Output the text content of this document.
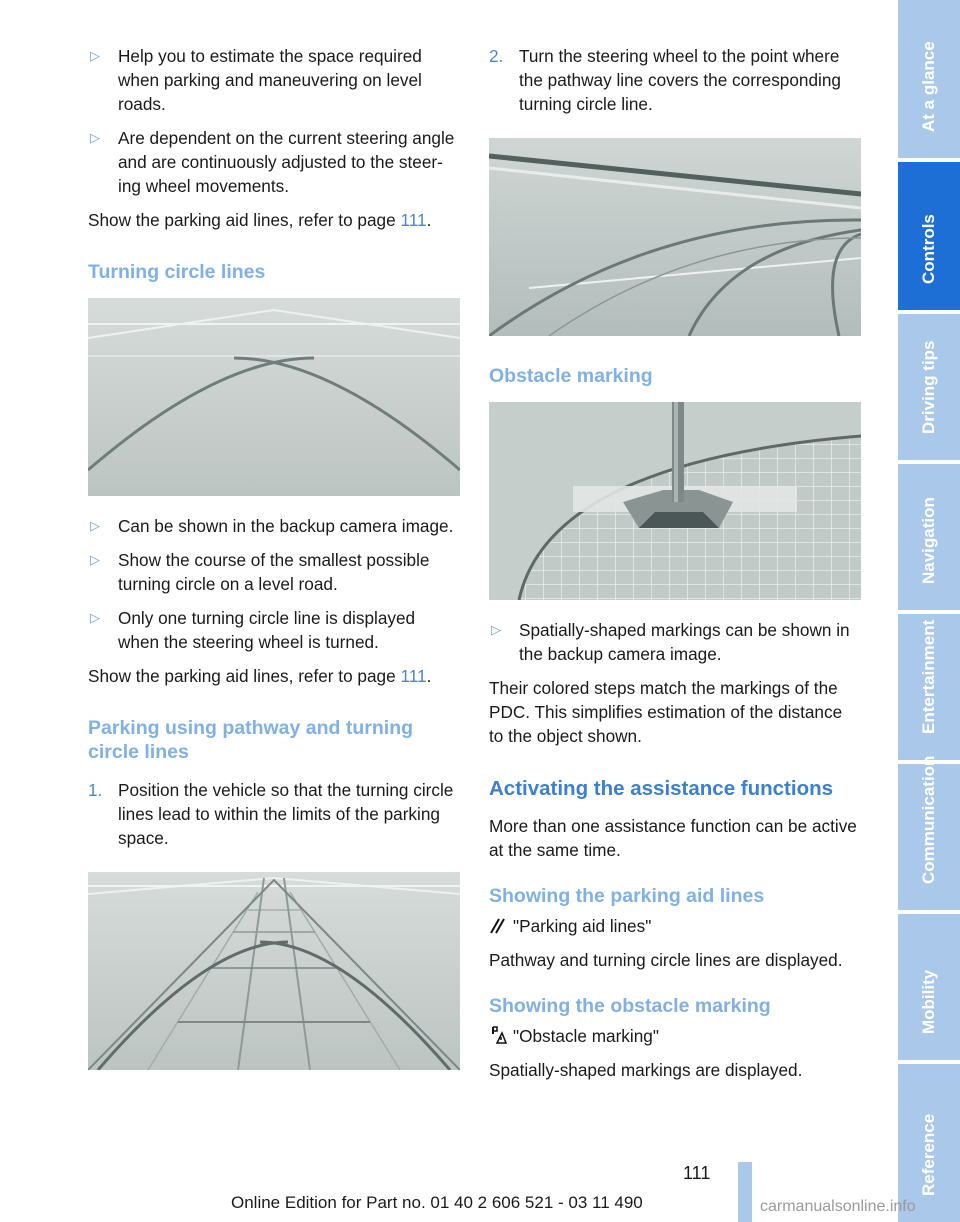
▷ Help you to estimate the space required when parking and maneuvering on level roads.
▷ Are dependent on the current steering angle and are continuously adjusted to the steer-ing wheel movements.

Show the parking aid lines, refer to page 111.

Turning circle lines
▷ Can be shown in the backup camera image.
▷ Show the course of the smallest possible turning circle on a level road.
▷ Only one turning circle line is displayed when the steering wheel is turned.

Show the parking aid lines, refer to page 111.

Parking using pathway and turning circle lines
1. Position the vehicle so that the turning circle lines lead to within the limits of the parking space.
2. Turn the steering wheel to the point where the pathway line covers the corresponding turning circle line.
Obstacle marking
▷ Spatially-shaped markings can be shown in the backup camera image.

Their colored steps match the markings of the PDC. This simplifies estimation of the distance to the object shown.

Activating the assistance functions

More than one assistance function can be active at the same time.

Showing the parking aid lines
"Parking aid lines"

Pathway and turning circle lines are displayed.

Showing the obstacle marking
"Obstacle marking"

Spatially-shaped markings are displayed.

At a glance
Controls
Driving tips
Navigation
Entertainment
Communication
Mobility
Reference
111
Online Edition for Part no. 01 40 2 606 521 - 03 11 490	carmanualsonline.info
